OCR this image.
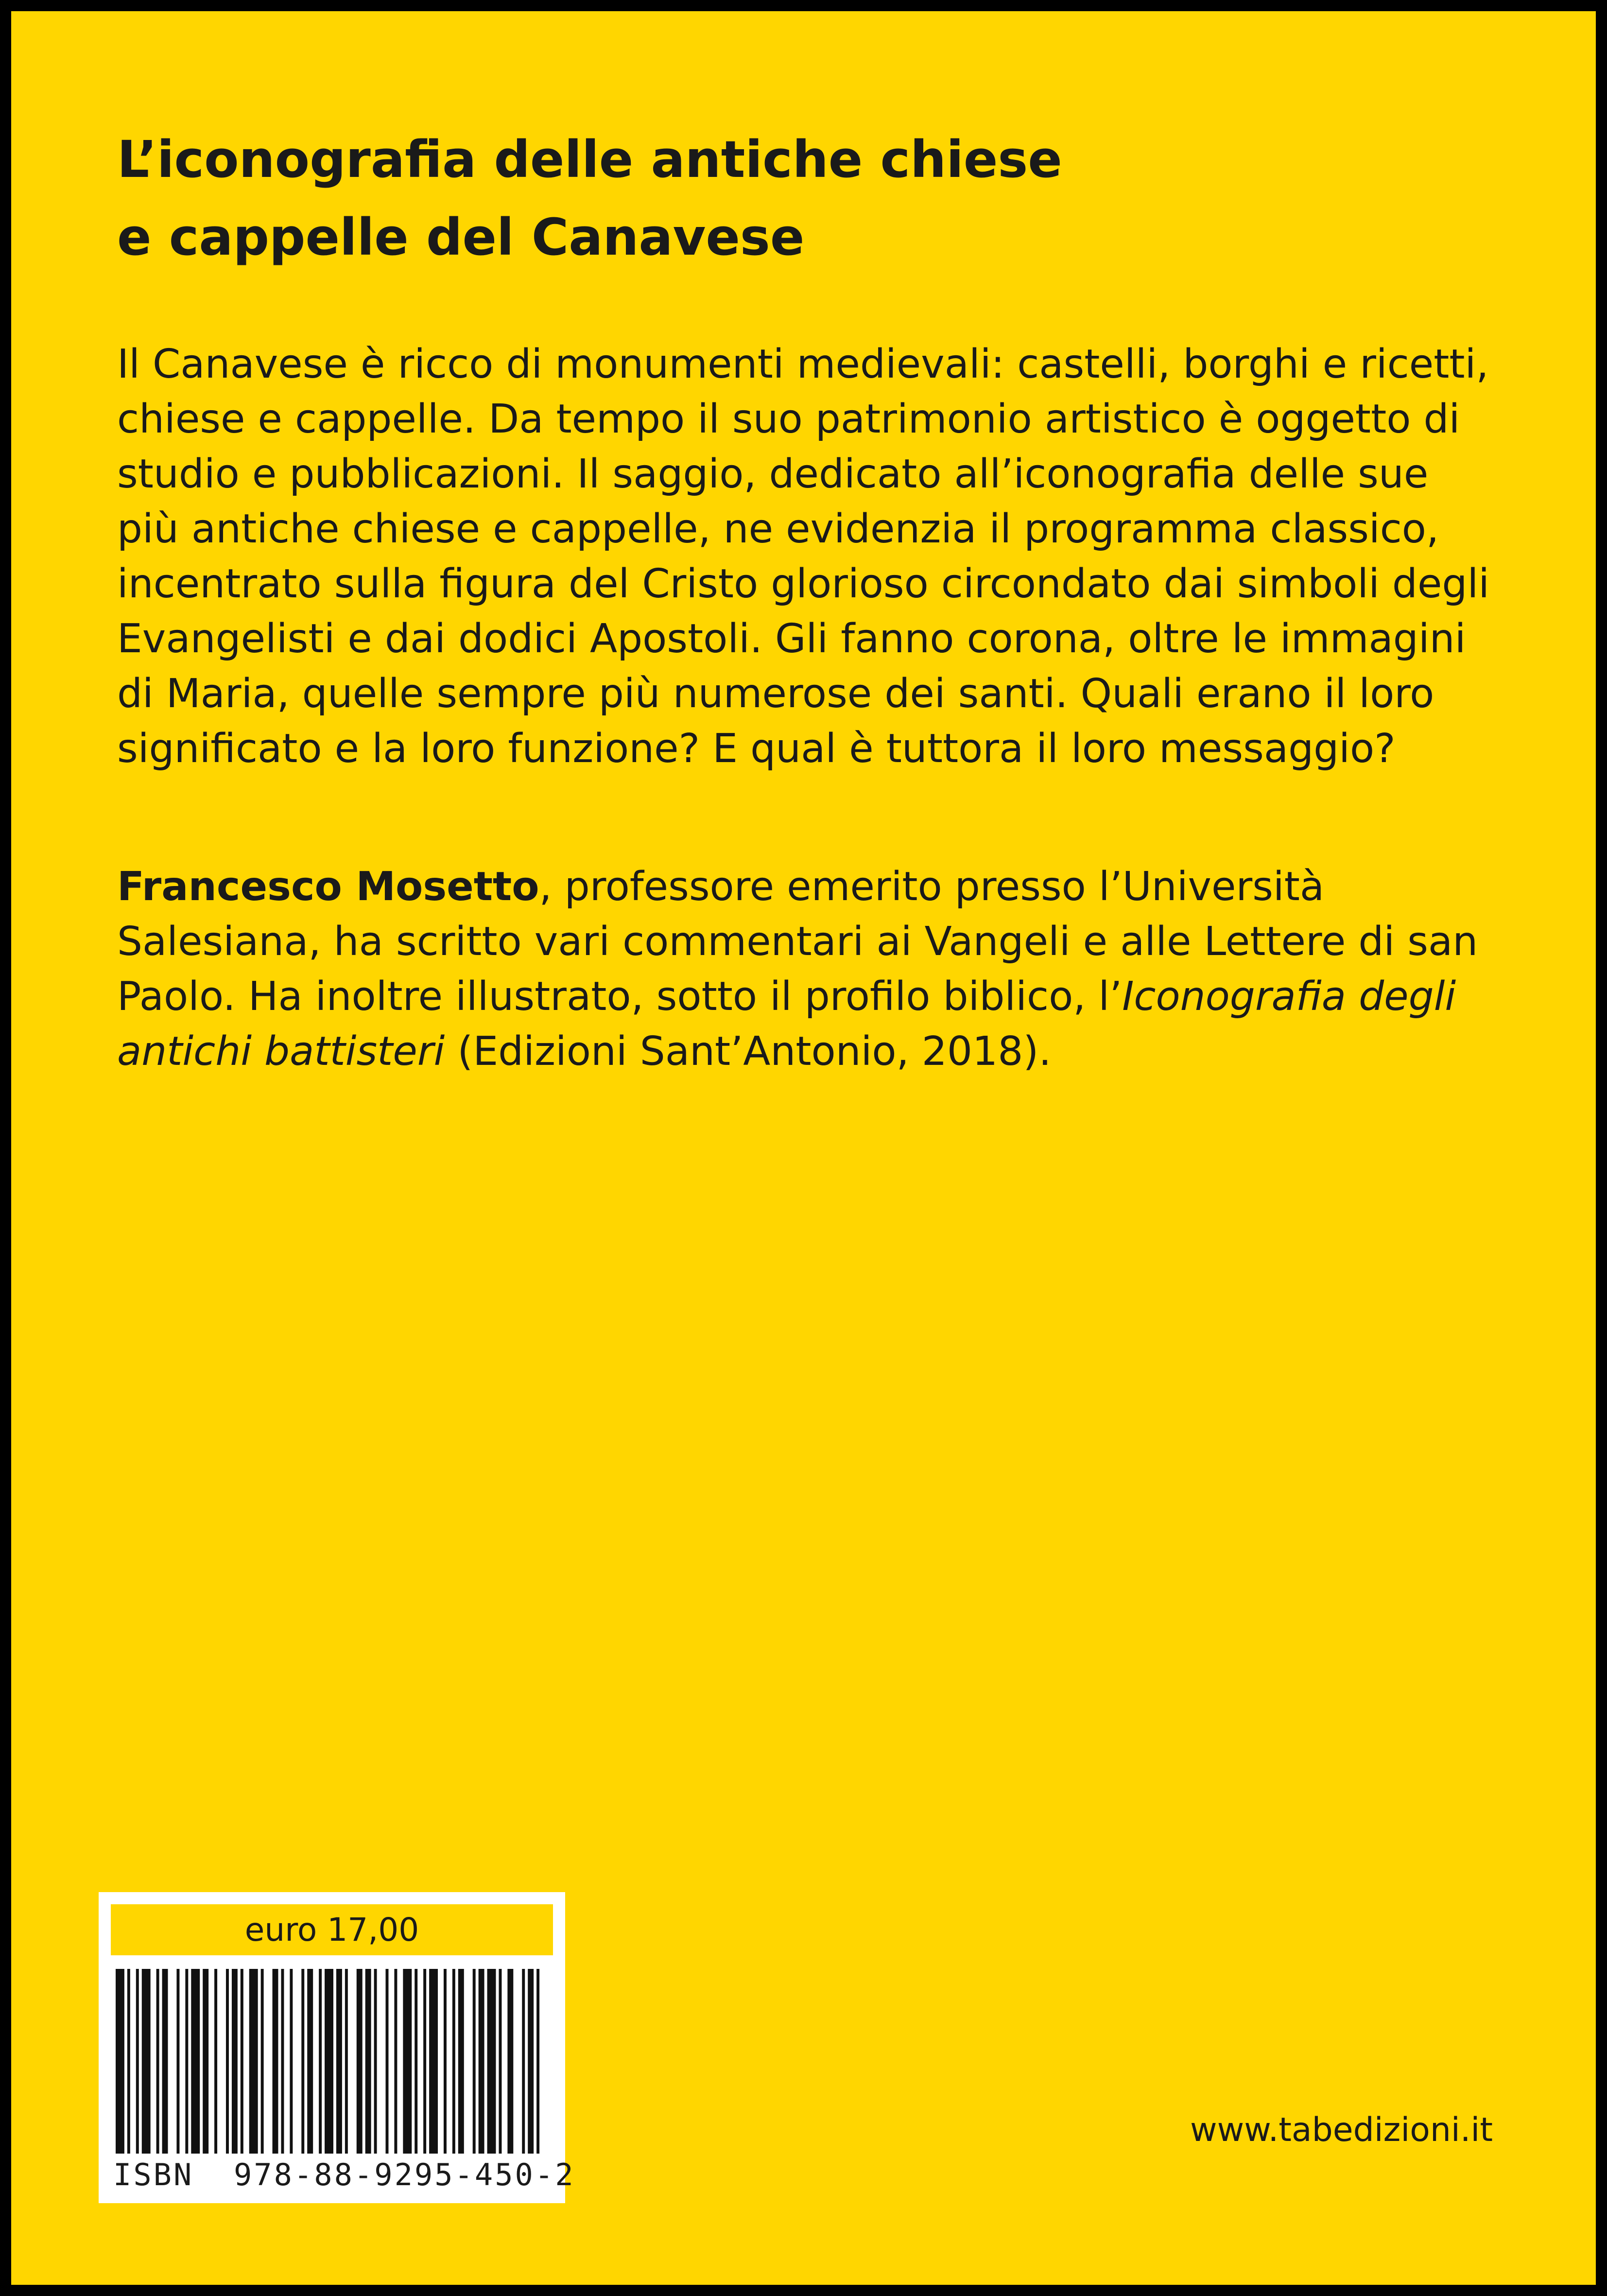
L’iconografia delle antiche chiese
e cappelle del Canavese
Il Canavese è ricco di monumenti medievali: castelli, borghi e ricetti,
chiese e cappelle. Da tempo il suo patrimonio artistico è oggetto di
studio e pubblicazioni. Il saggio, dedicato all’iconografia delle sue
più antiche chiese e cappelle, ne evidenzia il programma classico,
incentrato sulla figura del Cristo glorioso circondato dai simboli degli
Evangelisti e dai dodici Apostoli. Gli fanno corona, oltre le immagini
di Maria, quelle sempre più numerose dei santi. Quali erano il loro
significato e la loro funzione? E qual è tuttora il loro messaggio?
Francesco Mosetto, professore emerito presso l’Università
Salesiana, ha scritto vari commentari ai Vangeli e alle Lettere di san
Paolo. Ha inoltre illustrato, sotto il profilo biblico, l’Iconografia degli
antichi battisteri (Edizioni Sant’Antonio, 2018).
euro 17,00
ISBN  978-88-9295-450-2
www.tabedizioni.it
